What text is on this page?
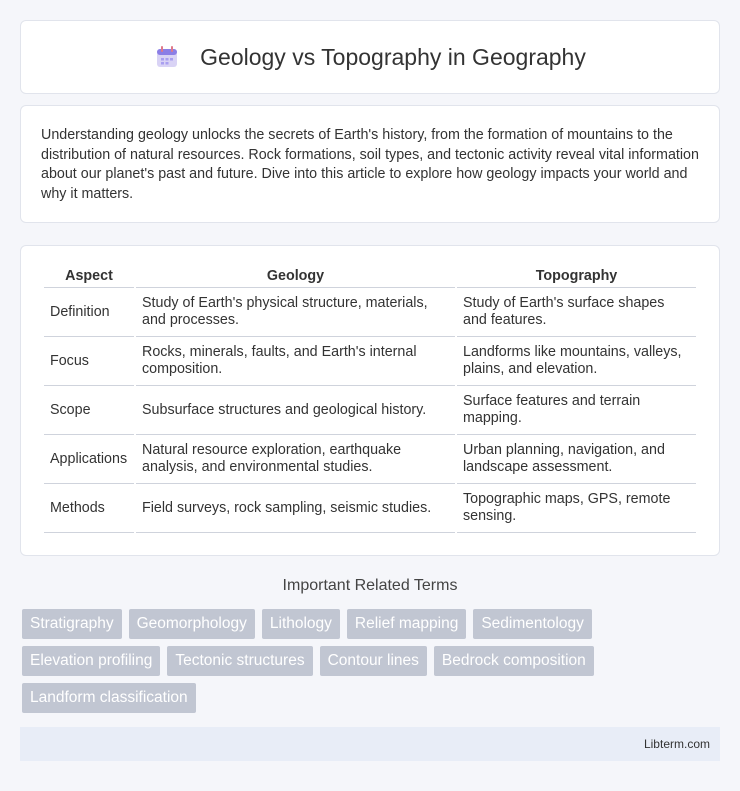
Geology vs Topography in Geography

Understanding geology unlocks the secrets of Earth's history, from the formation of mountains to the distribution of natural resources. Rock formations, soil types, and tectonic activity reveal vital information about our planet's past and future. Dive into this article to explore how geology impacts your world and why it matters.

Aspect	Geology	Topography
Definition	Study of Earth's physical structure, materials, and processes.	Study of Earth's surface shapes and features.
Focus	Rocks, minerals, faults, and Earth's internal composition.	Landforms like mountains, valleys, plains, and elevation.
Scope	Subsurface structures and geological history.	Surface features and terrain mapping.
Applications	Natural resource exploration, earthquake analysis, and environmental studies.	Urban planning, navigation, and landscape assessment.
Methods	Field surveys, rock sampling, seismic studies.	Topographic maps, GPS, remote sensing.
Important Related Terms
Stratigraphy	Geomorphology	Lithology	Relief mapping	Sedimentology
Elevation profiling	Tectonic structures	Contour lines	Bedrock composition
Landform classification
Libterm.com
